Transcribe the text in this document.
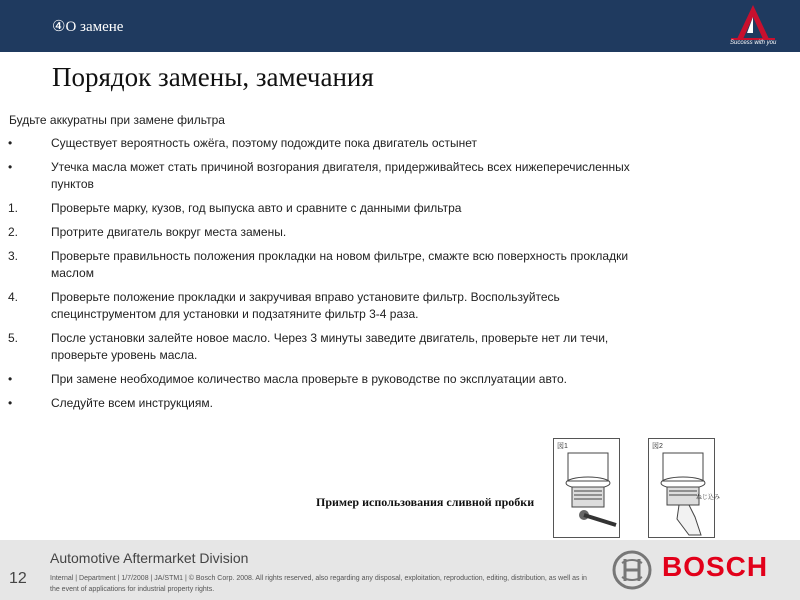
④О замене
Success with you
Порядок замены, замечания
Будьте аккуратны при замене фильтра
•	Существует вероятность ожёга, поэтому подождите пока двигатель остынет
•	Утечка масла может стать причиной возгорания двигателя, придерживайтесь всех нижеперечисленных пунктов
1.	Проверьте марку, кузов, год выпуска авто и сравните с данными фильтра
2.	Протрите двигатель вокруг места замены.
3.	Проверьте правильность положения прокладки на новом фильтре, смажте всю поверхность прокладки маслом
4.	Проверьте положение прокладки и закручивая вправо установите фильтр. Воспользуйтесь специнструментом для установки и подзатяните фильтр 3-4 раза.
5.	После установки залейте новое масло. Через 3 минуты заведите двигатель, проверьте нет ли течи, проверьте уровень масла.
•	При замене необходимое количество масла проверьте в руководстве по эксплуатации авто.
•	Следуйте всем инструкциям.
図1	図2
ねじ込み
Пример использования сливной пробки
12
Automotive Aftermarket Division
Internal | Department | 1/7/2008 | JA/STM1 | © Bosch Corp. 2008. All rights reserved, also regarding any disposal, exploitation, reproduction, editing, distribution, as well as in the event of applications for industrial property rights.
BOSCH
